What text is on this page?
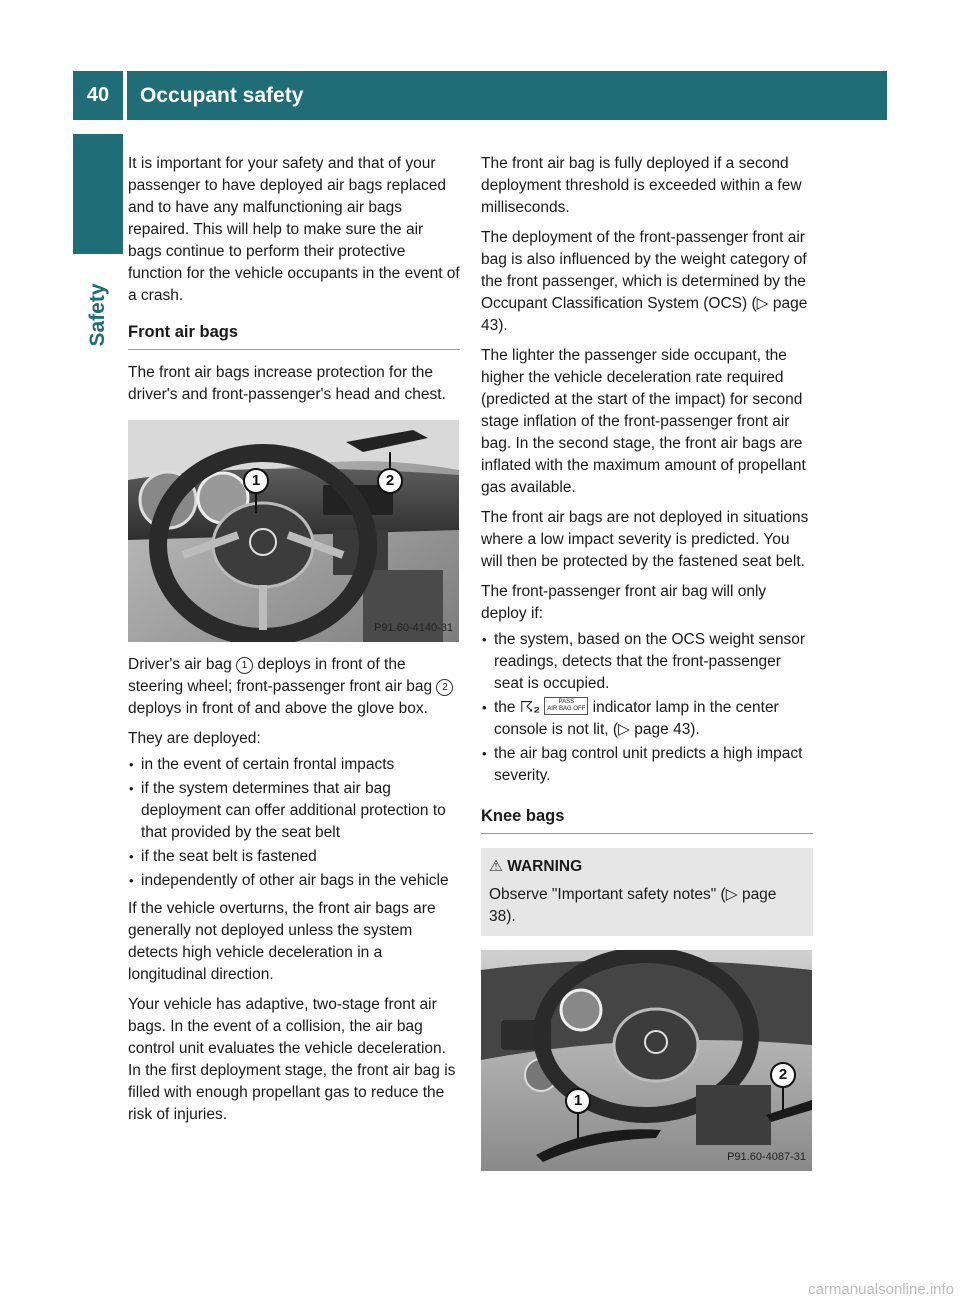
40	Occupant safety
Safety

It is important for your safety and that of your passenger to have deployed air bags replaced and to have any malfunctioning air bags repaired. This will help to make sure the air bags continue to perform their protective function for the vehicle occupants in the event of a crash.

Front air bags

The front air bags increase protection for the driver's and front-passenger's head and chest.

1	2
P91.60-4140-31

Driver's air bag 1 deploys in front of the steering wheel; front-passenger front air bag 2 deploys in front of and above the glove box.

They are deployed:

• in the event of certain frontal impacts
• if the system determines that air bag deployment can offer additional protection to that provided by the seat belt
• if the seat belt is fastened
• independently of other air bags in the vehicle

If the vehicle overturns, the front air bags are generally not deployed unless the system detects high vehicle deceleration in a longitudinal direction.

Your vehicle has adaptive, two-stage front air bags. In the event of a collision, the air bag control unit evaluates the vehicle deceleration. In the first deployment stage, the front air bag is filled with enough propellant gas to reduce the risk of injuries.

The front air bag is fully deployed if a second deployment threshold is exceeded within a few milliseconds.

The deployment of the front-passenger front air bag is also influenced by the weight category of the front passenger, which is determined by the Occupant Classification System (OCS) (▷ page 43).

The lighter the passenger side occupant, the higher the vehicle deceleration rate required (predicted at the start of the impact) for second stage inflation of the front-passenger front air bag. In the second stage, the front air bags are inflated with the maximum amount of propellant gas available.

The front air bags are not deployed in situations where a low impact severity is predicted. You will then be protected by the fastened seat belt.

The front-passenger front air bag will only deploy if:

• the system, based on the OCS weight sensor readings, detects that the front-passenger seat is occupied.
• the ☈₂	PASS
AIR BAG OFF indicator lamp in the center console is not lit, (▷ page 43).
• the air bag control unit predicts a high impact severity.
Knee bags
⚠ WARNING
Observe "Important safety notes" (▷ page 38).
1
2
P91.60-4087-31
carmanualsonline.info
